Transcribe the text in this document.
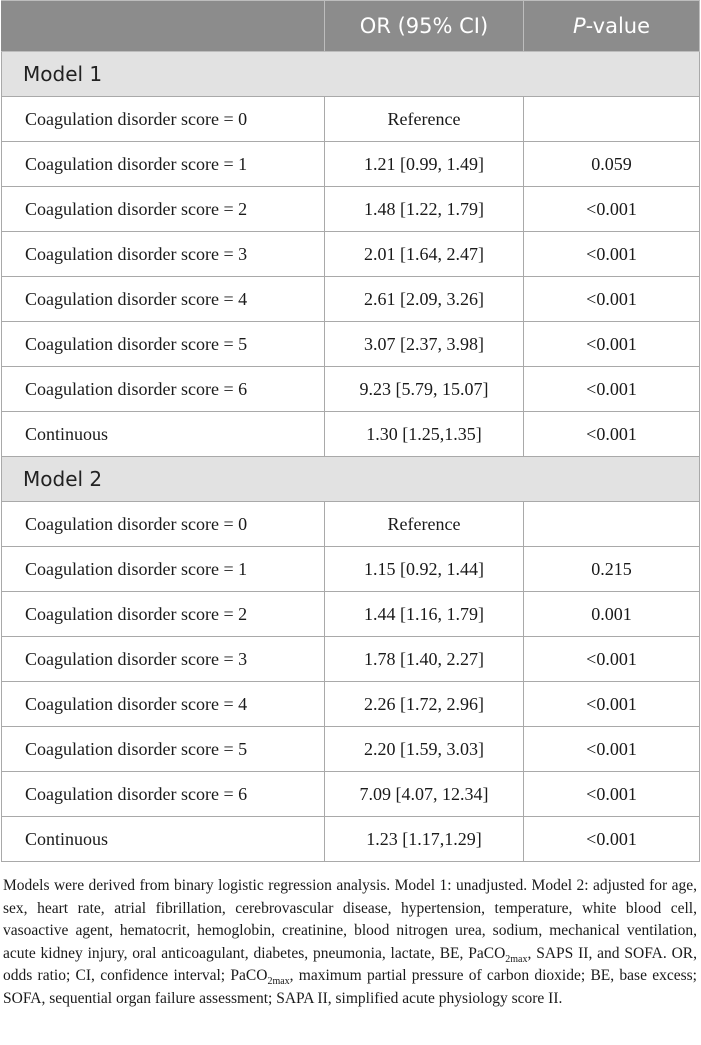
	OR (95% CI)	P-value
Model 1		
Coagulation disorder score = 0	Reference	
Coagulation disorder score = 1	1.21 [0.99, 1.49]	0.059
Coagulation disorder score = 2	1.48 [1.22, 1.79]	<0.001
Coagulation disorder score = 3	2.01 [1.64, 2.47]	<0.001
Coagulation disorder score = 4	2.61 [2.09, 3.26]	<0.001
Coagulation disorder score = 5	3.07 [2.37, 3.98]	<0.001
Coagulation disorder score = 6	9.23 [5.79, 15.07]	<0.001
Continuous	1.30 [1.25,1.35]	<0.001
Model 2		
Coagulation disorder score = 0	Reference	
Coagulation disorder score = 1	1.15 [0.92, 1.44]	0.215
Coagulation disorder score = 2	1.44 [1.16, 1.79]	0.001
Coagulation disorder score = 3	1.78 [1.40, 2.27]	<0.001
Coagulation disorder score = 4	2.26 [1.72, 2.96]	<0.001
Coagulation disorder score = 5	2.20 [1.59, 3.03]	<0.001
Coagulation disorder score = 6	7.09 [4.07, 12.34]	<0.001
Continuous	1.23 [1.17,1.29]	<0.001
Models were derived from binary logistic regression analysis. Model 1: unadjusted. Model 2: adjusted for age, sex, heart rate, atrial fibrillation, cerebrovascular disease, hypertension, temperature, white blood cell, vasoactive agent, hematocrit, hemoglobin, creatinine, blood nitrogen urea, sodium, mechanical ventilation, acute kidney injury, oral anticoagulant, diabetes, pneumonia, lactate, BE, PaCO$_{2max}$, SAPS II, and SOFA. OR, odds ratio; CI, confidence interval; PaCO$_{2max}$, maximum partial pressure of carbon dioxide; BE, base excess; SOFA, sequential organ failure assessment; SAPA II, simplified acute physiology score II.
